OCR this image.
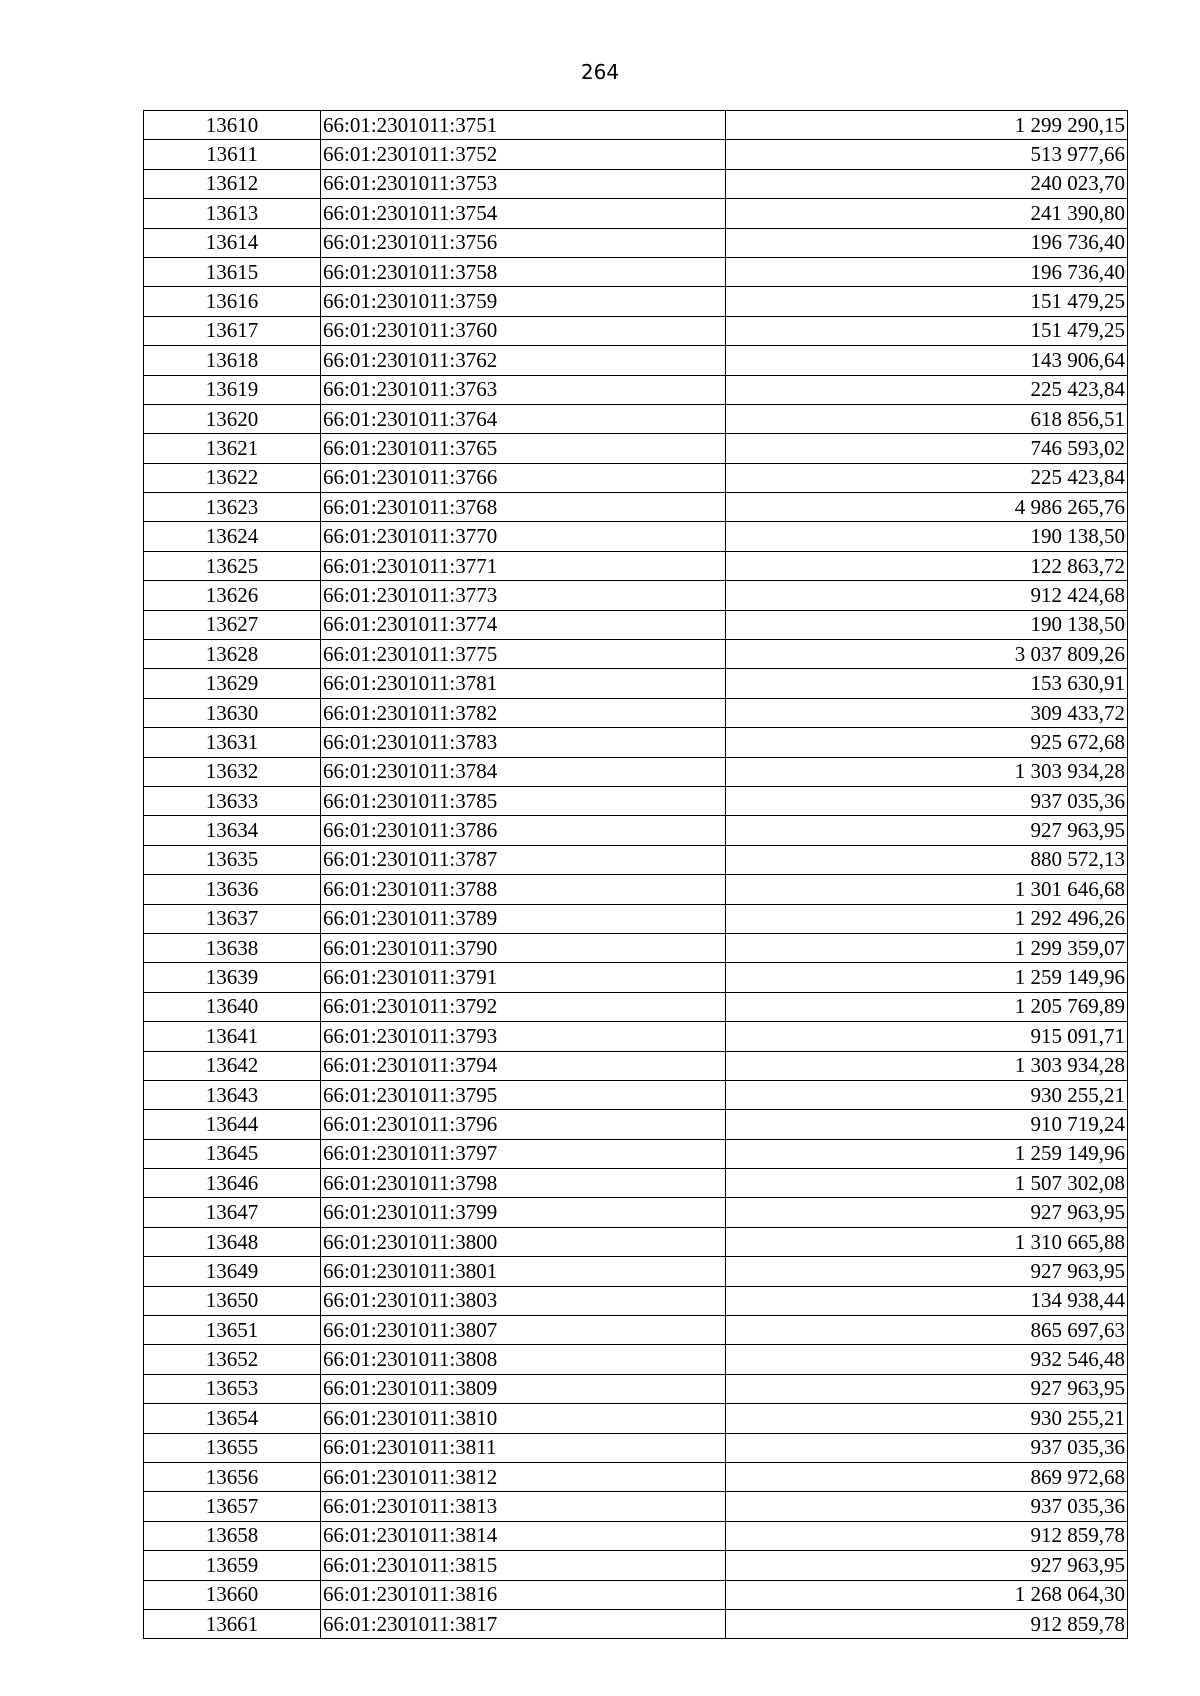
264
13610	66:01:2301011:3751	1 299 290,15
13611	66:01:2301011:3752	513 977,66
13612	66:01:2301011:3753	240 023,70
13613	66:01:2301011:3754	241 390,80
13614	66:01:2301011:3756	196 736,40
13615	66:01:2301011:3758	196 736,40
13616	66:01:2301011:3759	151 479,25
13617	66:01:2301011:3760	151 479,25
13618	66:01:2301011:3762	143 906,64
13619	66:01:2301011:3763	225 423,84
13620	66:01:2301011:3764	618 856,51
13621	66:01:2301011:3765	746 593,02
13622	66:01:2301011:3766	225 423,84
13623	66:01:2301011:3768	4 986 265,76
13624	66:01:2301011:3770	190 138,50
13625	66:01:2301011:3771	122 863,72
13626	66:01:2301011:3773	912 424,68
13627	66:01:2301011:3774	190 138,50
13628	66:01:2301011:3775	3 037 809,26
13629	66:01:2301011:3781	153 630,91
13630	66:01:2301011:3782	309 433,72
13631	66:01:2301011:3783	925 672,68
13632	66:01:2301011:3784	1 303 934,28
13633	66:01:2301011:3785	937 035,36
13634	66:01:2301011:3786	927 963,95
13635	66:01:2301011:3787	880 572,13
13636	66:01:2301011:3788	1 301 646,68
13637	66:01:2301011:3789	1 292 496,26
13638	66:01:2301011:3790	1 299 359,07
13639	66:01:2301011:3791	1 259 149,96
13640	66:01:2301011:3792	1 205 769,89
13641	66:01:2301011:3793	915 091,71
13642	66:01:2301011:3794	1 303 934,28
13643	66:01:2301011:3795	930 255,21
13644	66:01:2301011:3796	910 719,24
13645	66:01:2301011:3797	1 259 149,96
13646	66:01:2301011:3798	1 507 302,08
13647	66:01:2301011:3799	927 963,95
13648	66:01:2301011:3800	1 310 665,88
13649	66:01:2301011:3801	927 963,95
13650	66:01:2301011:3803	134 938,44
13651	66:01:2301011:3807	865 697,63
13652	66:01:2301011:3808	932 546,48
13653	66:01:2301011:3809	927 963,95
13654	66:01:2301011:3810	930 255,21
13655	66:01:2301011:3811	937 035,36
13656	66:01:2301011:3812	869 972,68
13657	66:01:2301011:3813	937 035,36
13658	66:01:2301011:3814	912 859,78
13659	66:01:2301011:3815	927 963,95
13660	66:01:2301011:3816	1 268 064,30
13661	66:01:2301011:3817	912 859,78
